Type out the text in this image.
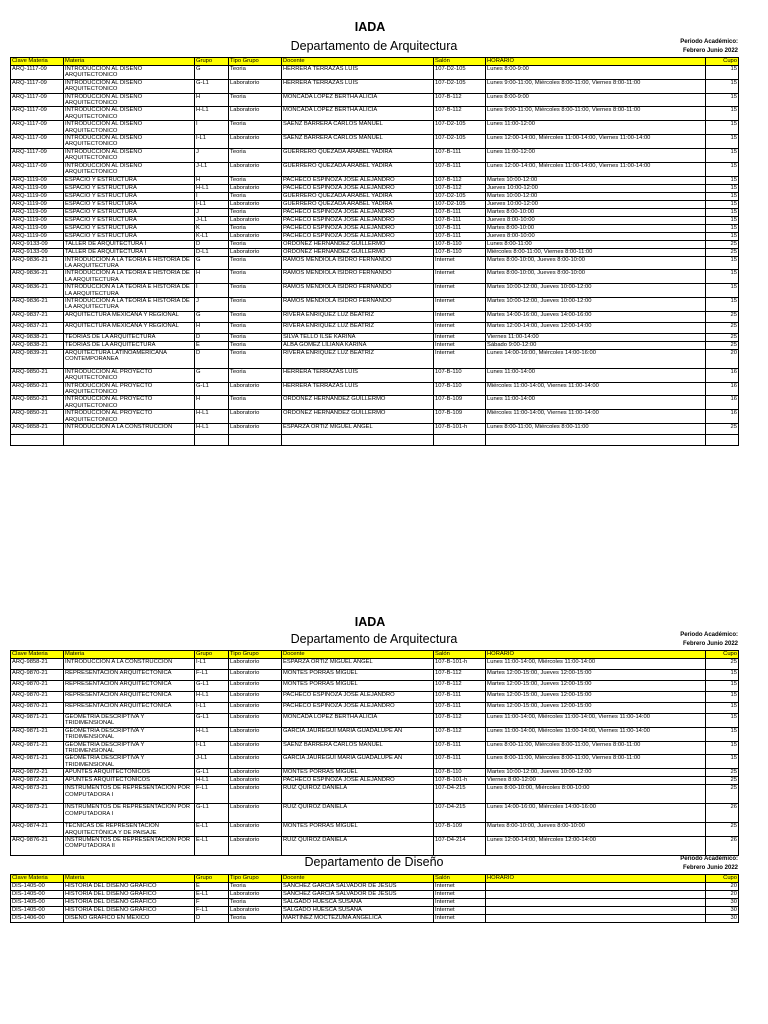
IADA
Departamento de Arquitectura	Periodo Académico:
Febrero Junio 2022
Clave Materia	Materia	Grupo	Tipo Grupo	Docente	Salón	HORARIO	Cupo
ARQ-1117-09	INTRODUCCION AL DISEÑO ARQUITECTONICO	G	Teoria	HERRERA TERRAZAS LUIS	107-D2-105	Lunes 8:00-9:00	15
ARQ-1117-09	INTRODUCCION AL DISEÑO ARQUITECTONICO	G-L1	Laboratorio	HERRERA TERRAZAS LUIS	107-D2-105	Lunes 9:00-11:00, Miércoles 8:00-11:00, Viernes 8:00-11:00	15
ARQ-1117-09	INTRODUCCION AL DISEÑO ARQUITECTONICO	H	Teoria	MONCADA LOPEZ BERTHA ALICIA	107-B-112	Lunes 8:00-9:00	15
ARQ-1117-09	INTRODUCCION AL DISEÑO ARQUITECTONICO	H-L1	Laboratorio	MONCADA LOPEZ BERTHA ALICIA	107-B-112	Lunes 9:00-11:00, Miércoles 8:00-11:00, Viernes 8:00-11:00	15
ARQ-1117-09	INTRODUCCION AL DISEÑO ARQUITECTONICO	I	Teoria	SAENZ BARRERA CARLOS MANUEL	107-D2-105	Lunes 11:00-12:00	15
ARQ-1117-09	INTRODUCCION AL DISEÑO ARQUITECTONICO	I-L1	Laboratorio	SAENZ BARRERA CARLOS MANUEL	107-D2-105	Lunes 12:00-14:00, Miércoles 11:00-14:00, Viernes 11:00-14:00	15
ARQ-1117-09	INTRODUCCION AL DISEÑO ARQUITECTONICO	J	Teoria	GUERRERO QUEZADA ARABEL YADIRA	107-B-111	Lunes 11:00-12:00	15
ARQ-1117-09	INTRODUCCION AL DISEÑO ARQUITECTONICO	J-L1	Laboratorio	GUERRERO QUEZADA ARABEL YADIRA	107-B-111	Lunes 12:00-14:00, Miércoles 11:00-14:00, Viernes 11:00-14:00	15
ARQ-1119-09	ESPACIO Y ESTRUCTURA	H	Teoria	PACHECO ESPINOZA JOSE ALEJANDRO	107-B-112	Martes 10:00-12:00	15
ARQ-1119-09	ESPACIO Y ESTRUCTURA	H-L1	Laboratorio	PACHECO ESPINOZA JOSE ALEJANDRO	107-B-112	Jueves 10:00-12:00	15
ARQ-1119-09	ESPACIO Y ESTRUCTURA	I	Teoria	GUERRERO QUEZADA ARABEL YADIRA	107-D2-105	Martes 10:00-12:00	15
ARQ-1119-09	ESPACIO Y ESTRUCTURA	I-L1	Laboratorio	GUERRERO QUEZADA ARABEL YADIRA	107-D2-105	Jueves 10:00-12:00	15
ARQ-1119-09	ESPACIO Y ESTRUCTURA	J	Teoria	PACHECO ESPINOZA JOSE ALEJANDRO	107-B-111	Martes 8:00-10:00	15
ARQ-1119-09	ESPACIO Y ESTRUCTURA	J-L1	Laboratorio	PACHECO ESPINOZA JOSE ALEJANDRO	107-B-111	Jueves 8:00-10:00	15
ARQ-1119-09	ESPACIO Y ESTRUCTURA	K	Teoria	PACHECO ESPINOZA JOSE ALEJANDRO	107-B-111	Martes 8:00-10:00	15
ARQ-1119-09	ESPACIO Y ESTRUCTURA	K-L1	Laboratorio	PACHECO ESPINOZA JOSE ALEJANDRO	107-B-111	Jueves 8:00-10:00	15
ARQ-9133-09	TALLER DE ARQUITECTURA I	D	Teoria	ORDOÑEZ HERNANDEZ GUILLERMO	107-B-110	Lunes 8:00-11:00	25
ARQ-9133-09	TALLER DE ARQUITECTURA I	D-L1	Laboratorio	ORDOÑEZ HERNANDEZ GUILLERMO	107-B-110	Miércoles 8:00-11:00, Viernes 8:00-11:00	25
ARQ-9836-21	INTRODUCCION A LA TEORIA E HISTORIA DE LA ARQUITECTURA	G	Teoria	RAMOS MENDIOLA ISIDRO FERNANDO	Internet	Martes 8:00-10:00, Jueves 8:00-10:00	15
ARQ-9836-21	INTRODUCCION A LA TEORIA E HISTORIA DE LA ARQUITECTURA	H	Teoria	RAMOS MENDIOLA ISIDRO FERNANDO	Internet	Martes 8:00-10:00, Jueves 8:00-10:00	15
ARQ-9836-21	INTRODUCCION A LA TEORIA E HISTORIA DE LA ARQUITECTURA	I	Teoria	RAMOS MENDIOLA ISIDRO FERNANDO	Internet	Martes 10:00-12:00, Jueves 10:00-12:00	15
ARQ-9836-21	INTRODUCCION A LA TEORIA E HISTORIA DE LA ARQUITECTURA	J	Teoria	RAMOS MENDIOLA ISIDRO FERNANDO	Internet	Martes 10:00-12:00, Jueves 10:00-12:00	15
ARQ-9837-21	ARQUITECTURA MEXICANA Y REGIONAL	G	Teoria	RIVERA ENRIQUEZ LUZ BEATRIZ	Internet	Martes 14:00-16:00, Jueves 14:00-16:00	25
ARQ-9837-21	ARQUITECTURA MEXICANA Y REGIONAL	H	Teoria	RIVERA ENRIQUEZ LUZ BEATRIZ	Internet	Martes 12:00-14:00, Jueves 12:00-14:00	25
ARQ-9838-21	TEORIAS DE LA ARQUITECTURA	D	Teoria	SILVA TELLO ILSE KARINA	Internet	Viernes 11:00-14:00	25
ARQ-9838-21	TEORIAS DE LA ARQUITECTURA	E	Teoria	ALBA GOMEZ LILIANA KARINA	Internet	Sábado 9:00-12:00	25
ARQ-9839-21	ARQUITECTURA LATINOAMERICANA CONTEMPORANEA	D	Teoria	RIVERA ENRIQUEZ LUZ BEATRIZ	Internet	Lunes 14:00-16:00, Miércoles 14:00-16:00	20
ARQ-9850-21	INTRODUCCION AL PROYECTO ARQUITECTONICO	G	Teoria	HERRERA TERRAZAS LUIS	107-B-110	Lunes 11:00-14:00	16
ARQ-9850-21	INTRODUCCION AL PROYECTO ARQUITECTONICO	G-L1	Laboratorio	HERRERA TERRAZAS LUIS	107-B-110	Miércoles 11:00-14:00, Viernes 11:00-14:00	16
ARQ-9850-21	INTRODUCCION AL PROYECTO ARQUITECTONICO	H	Teoria	ORDOÑEZ HERNANDEZ GUILLERMO	107-B-109	Lunes 11:00-14:00	16
ARQ-9850-21	INTRODUCCION AL PROYECTO ARQUITECTONICO	H-L1	Laboratorio	ORDOÑEZ HERNANDEZ GUILLERMO	107-B-109	Miércoles 11:00-14:00, Viernes 11:00-14:00	16
ARQ-9858-21	INTRODUCCIÓN A LA CONSTRUCCIÓN	H-L1	Laboratorio	ESPARZA ORTIZ MIGUEL ANGEL	107-B-101-h	Lunes 8:00-11:00, Miércoles 8:00-11:00	25

IADA
Departamento de Arquitectura	Periodo Académico:
Febrero Junio 2022
Clave Materia	Materia	Grupo	Tipo Grupo	Docente	Salón	HORARIO	Cupo
ARQ-9858-21	INTRODUCCIÓN A LA CONSTRUCCIÓN	I-L1	Laboratorio	ESPARZA ORTIZ MIGUEL ANGEL	107-B-101-h	Lunes 11:00-14:00, Miércoles 11:00-14:00	25
ARQ-9870-21	REPRESENTACIÓN ARQUITECTÓNICA	F-L1	Laboratorio	MONTES PORRAS MIGUEL	107-B-112	Martes 12:00-15:00, Jueves 12:00-15:00	15
ARQ-9870-21	REPRESENTACIÓN ARQUITECTÓNICA	G-L1	Laboratorio	MONTES PORRAS MIGUEL	107-B-112	Martes 12:00-15:00, Jueves 12:00-15:00	15
ARQ-9870-21	REPRESENTACIÓN ARQUITECTÓNICA	H-L1	Laboratorio	PACHECO ESPINOZA JOSE ALEJANDRO	107-B-111	Martes 12:00-15:00, Jueves 12:00-15:00	15
ARQ-9870-21	REPRESENTACIÓN ARQUITECTÓNICA	I-L1	Laboratorio	PACHECO ESPINOZA JOSE ALEJANDRO	107-B-111	Martes 12:00-15:00, Jueves 12:00-15:00	15
ARQ-9871-21	GEOMETRIA DESCRIPTIVA Y TRIDIMENSIONAL	G-L1	Laboratorio	MONCADA LOPEZ BERTHA ALICIA	107-B-112	Lunes 11:00-14:00, Miércoles 11:00-14:00, Viernes 11:00-14:00	15
ARQ-9871-21	GEOMETRIA DESCRIPTIVA Y TRIDIMENSIONAL	H-L1	Laboratorio	GARCIA JAUREGUI MARIA GUADALUPE AN	107-B-112	Lunes 11:00-14:00, Miércoles 11:00-14:00, Viernes 11:00-14:00	15
ARQ-9871-21	GEOMETRIA DESCRIPTIVA Y TRIDIMENSIONAL	I-L1	Laboratorio	SAENZ BARRERA CARLOS MANUEL	107-B-111	Lunes 8:00-11:00, Miércoles 8:00-11:00, Viernes 8:00-11:00	15
ARQ-9871-21	GEOMETRIA DESCRIPTIVA Y TRIDIMENSIONAL	J-L1	Laboratorio	GARCIA JAUREGUI MARIA GUADALUPE AN	107-B-111	Lunes 8:00-11:00, Miércoles 8:00-11:00, Viernes 8:00-11:00	15
ARQ-9872-21	APUNTES ARQUITECTÓNICOS	G-L1	Laboratorio	MONTES PORRAS MIGUEL	107-B-110	Martes 10:00-12:00, Jueves 10:00-12:00	25
ARQ-9872-21	APUNTES ARQUITECTÓNICOS	H-L1	Laboratorio	PACHECO ESPINOZA JOSE ALEJANDRO	107-B-101-h	Viernes 8:00-12:00	25
ARQ-9873-21	INSTRUMENTOS DE REPRESENTACIÓN POR COMPUTADORA I	F-L1	Laboratorio	RUIZ QUIROZ DANIELA	107-D4-215	Lunes 8:00-10:00, Miércoles 8:00-10:00	25
ARQ-9873-21	INSTRUMENTOS DE REPRESENTACIÓN POR COMPUTADORA I	G-L1	Laboratorio	RUIZ QUIROZ DANIELA	107-D4-215	Lunes 14:00-16:00, Miércoles 14:00-16:00	26
ARQ-9874-21	TÉCNICAS DE REPRESENTACIÓN ARQUITECTÓNICA Y DE PAISAJE	E-L1	Laboratorio	MONTES PORRAS MIGUEL	107-B-109	Martes 8:00-10:00, Jueves 8:00-10:00	25
ARQ-9876-21	INSTRUMENTOS DE REPRESENTACIÓN POR COMPUTADORA II	E-L1	Laboratorio	RUIZ QUIROZ DANIELA	107-D4-214	Lunes 12:00-14:00, Miércoles 12:00-14:00	26
Departamento de Diseño	Periodo Académico:
Febrero Junio 2022
Clave Materia	Materia	Grupo	Tipo Grupo	Docente	Salón	HORARIO	Cupo
DIS-1405-00	HISTORIA DEL DISEÑO GRAFICO	E	Teoria	SANCHEZ GARCIA SALVADOR DE JESUS	Internet		20
DIS-1405-00	HISTORIA DEL DISEÑO GRAFICO	E-L1	Laboratorio	SANCHEZ GARCIA SALVADOR DE JESUS	Internet		20
DIS-1405-00	HISTORIA DEL DISEÑO GRAFICO	F	Teoria	SALGADO HUESCA SUSANA	Internet		30
DIS-1405-00	HISTORIA DEL DISEÑO GRAFICO	F-L1	Laboratorio	SALGADO HUESCA SUSANA	Internet		30
DIS-1406-00	DISEÑO GRAFICO EN MEXICO	D	Teoria	MARTINEZ MOCTEZUMA ANGELICA	Internet		30
